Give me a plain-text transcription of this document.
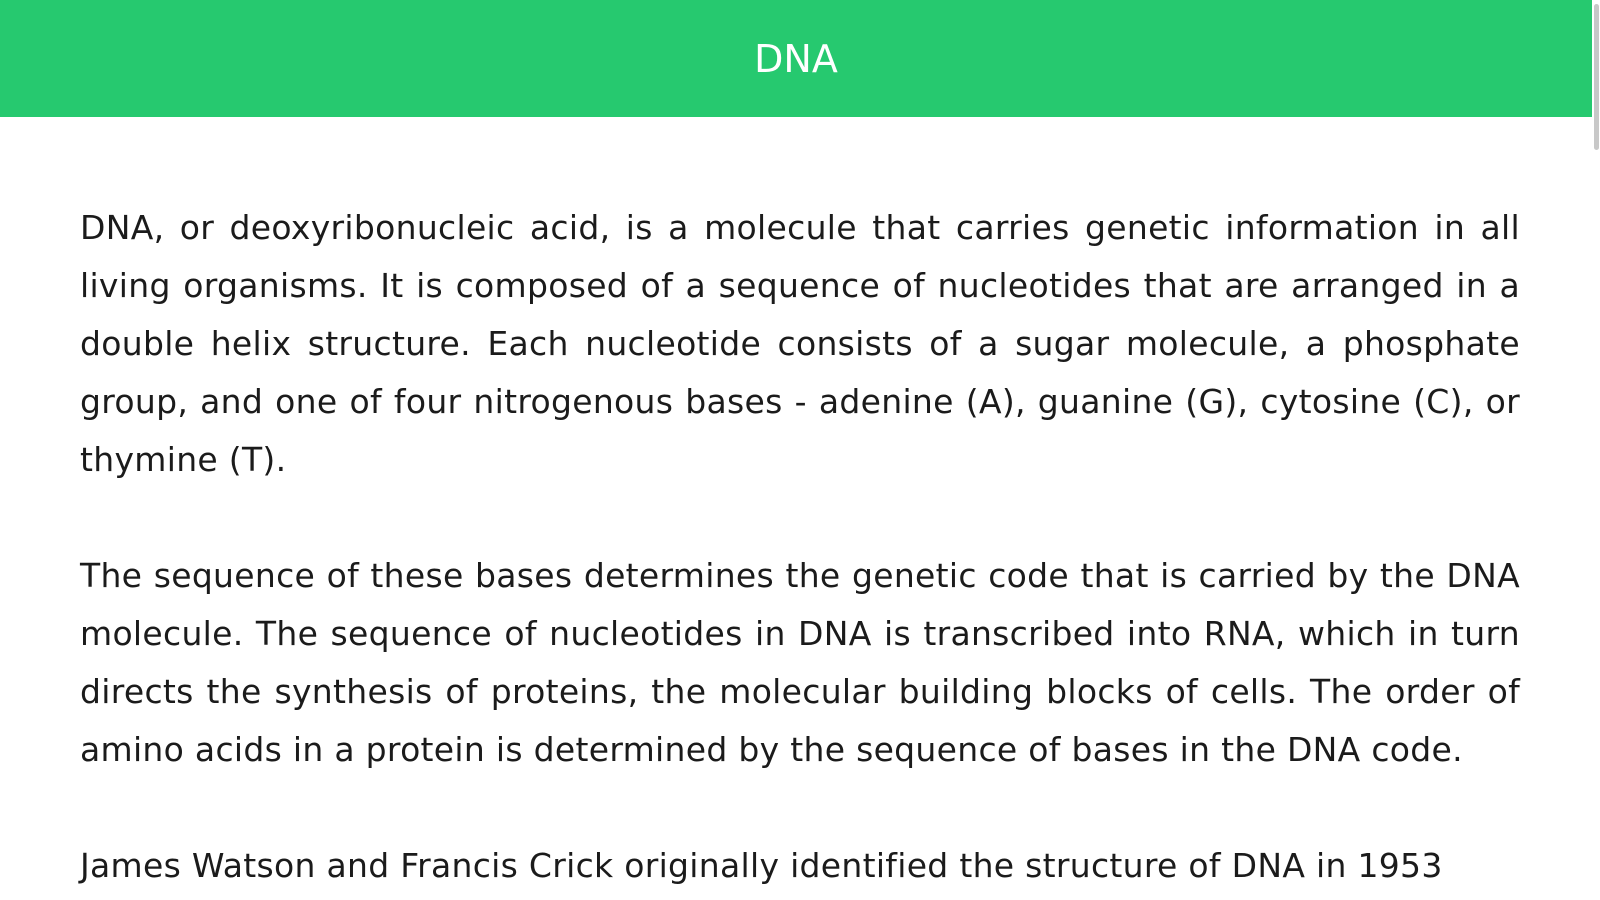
DNA

DNA, or deoxyribonucleic acid, is a molecule that carries genetic information in all living organisms. It is composed of a sequence of nucleotides that are arranged in a double helix structure. Each nucleotide consists of a sugar molecule, a phosphate group, and one of four nitrogenous bases - adenine (A), guanine (G), cytosine (C), or thymine (T).

The sequence of these bases determines the genetic code that is carried by the DNA molecule. The sequence of nucleotides in DNA is transcribed into RNA, which in turn directs the synthesis of proteins, the molecular building blocks of cells. The order of amino acids in a protein is determined by the sequence of bases in the DNA code.

James Watson and Francis Crick originally identified the structure of DNA in 1953
